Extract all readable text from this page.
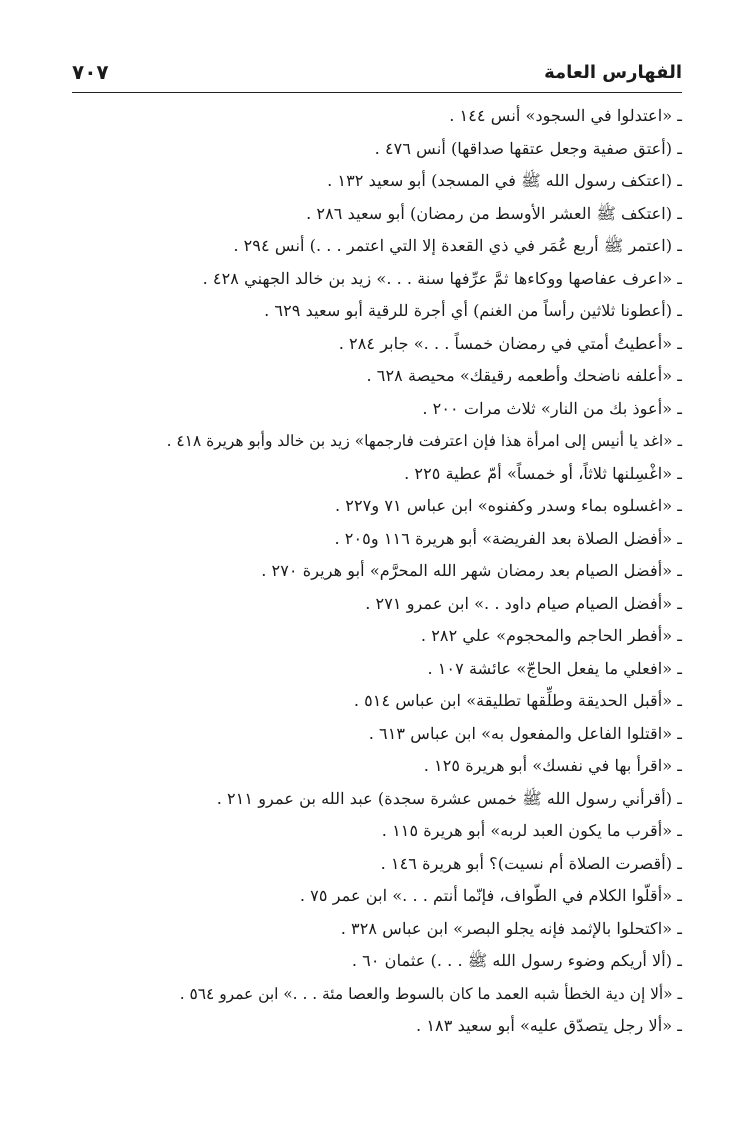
الفهارس العامة
٧٠٧
ـ «اعتدلوا في السجود» أنس ١٤٤ .
ـ (أعتق صفية وجعل عتقها صداقها) أنس ٤٧٦ .
ـ (اعتكف رسول الله ﷺ في المسجد) أبو سعيد ١٣٢ .
ـ (اعتكف ﷺ العشر الأوسط من رمضان) أبو سعيد ٢٨٦ .
ـ (اعتمر ﷺ أربع عُمَر في ذي القعدة إلا التي اعتمر . . .) أنس ٢٩٤ .
ـ «اعرف عفاصها ووكاءها ثمَّ عرِّفها سنة . . .» زيد بن خالد الجهني ٤٢٨ .
ـ (أعطونا ثلاثين رأساً من الغنم) أي أجرة للرقية أبو سعيد ٦٢٩ .
ـ «أعطيتُ أمتي في رمضان خمساً . . .» جابر ٢٨٤ .
ـ «أعلفه ناضحك وأطعمه رقيقك» محيصة ٦٢٨ .
ـ «أعوذ بك من النار» ثلاث مرات ٢٠٠ .
ـ «اغد يا أنيس إلى امرأة هذا فإن اعترفت فارجمها» زيد بن خالد وأبو هريرة ٤١٨ .
ـ «اغْسِلنها ثلاثاً، أو خمساً» أمّ عطية ٢٢٥ .
ـ «اغسلوه بماء وسدر وكفنوه» ابن عباس ٧١ و٢٢٧ .
ـ «أفضل الصلاة بعد الفريضة» أبو هريرة ١١٦ و٢٠٥ .
ـ «أفضل الصيام بعد رمضان شهر الله المحرَّم» أبو هريرة ٢٧٠ .
ـ «أفضل الصيام صيام داود . .» ابن عمرو ٢٧١ .
ـ «أفطر الحاجم والمحجوم» علي ٢٨٢ .
ـ «افعلي ما يفعل الحاجّ» عائشة ١٠٧ .
ـ «أقبل الحديقة وطلِّقها تطليقة» ابن عباس ٥١٤ .
ـ «اقتلوا الفاعل والمفعول به» ابن عباس ٦١٣ .
ـ «اقرأ بها في نفسك» أبو هريرة ١٢٥ .
ـ (أقرأني رسول الله ﷺ خمس عشرة سجدة) عبد الله بن عمرو ٢١١ .
ـ «أقرب ما يكون العبد لربه» أبو هريرة ١١٥ .
ـ (أقصرت الصلاة أم نسيت)؟ أبو هريرة ١٤٦ .
ـ «أقلّوا الكلام في الطّواف، فإنّما أنتم . . .» ابن عمر ٧٥ .
ـ «اكتحلوا بالإثمد فإنه يجلو البصر» ابن عباس ٣٢٨ .
ـ (ألا أريكم وضوء رسول الله ﷺ . . .) عثمان ٦٠ .
ـ «ألا إن دية الخطأ شبه العمد ما كان بالسوط والعصا مئة . . .» ابن عمرو ٥٦٤ .
ـ «ألا رجل يتصدّق عليه» أبو سعيد ١٨٣ .
